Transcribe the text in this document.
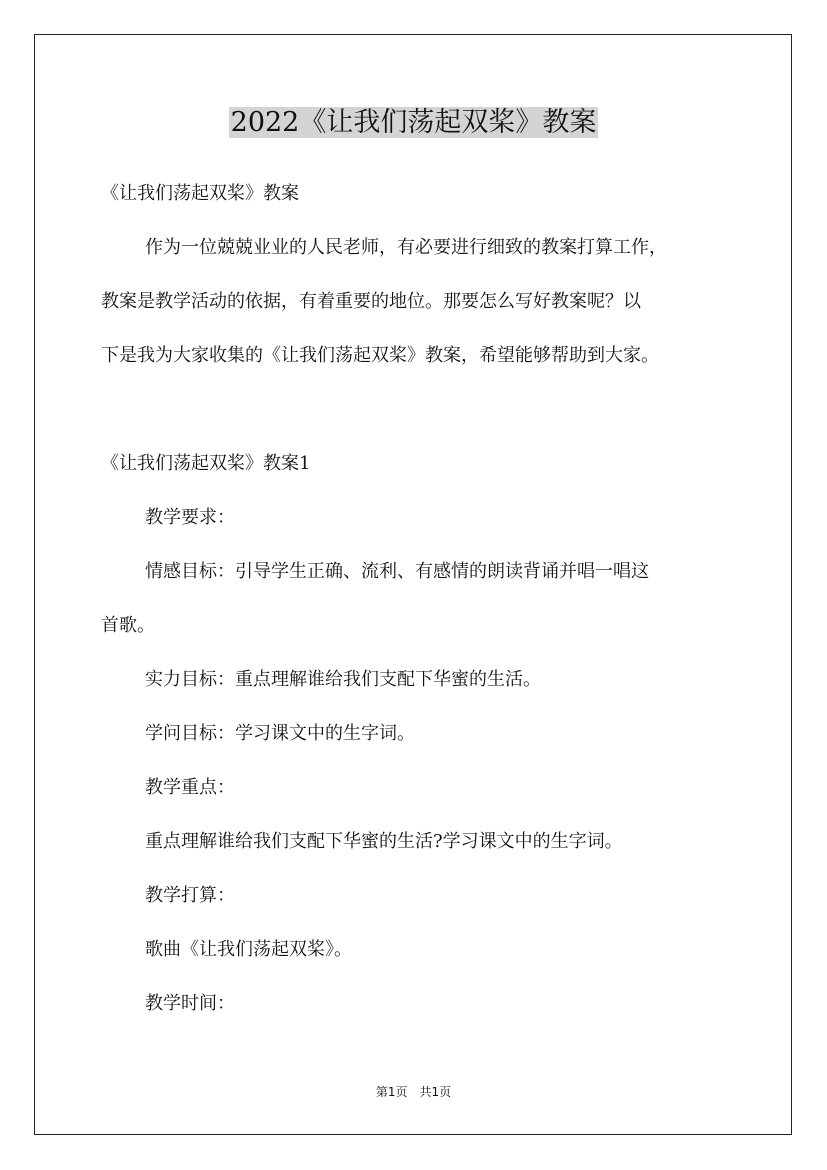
2022《让我们荡起双桨》教案

《让我们荡起双桨》教案

作为一位兢兢业业的人民老师，有必要进行细致的教案打算工作，

教案是教学活动的依据，有着重要的地位。那要怎么写好教案呢？以

下是我为大家收集的《让我们荡起双桨》教案，希望能够帮助到大家。

《让我们荡起双桨》教案1

教学要求：

情感目标：引导学生正确、流利、有感情的朗读背诵并唱一唱这

首歌。

实力目标：重点理解谁给我们支配下华蜜的生活。

学问目标：学习课文中的生字词。

教学重点：

重点理解谁给我们支配下华蜜的生活?学习课文中的生字词。

教学打算：

歌曲《让我们荡起双桨》。

教学时间：

第1页　共1页
